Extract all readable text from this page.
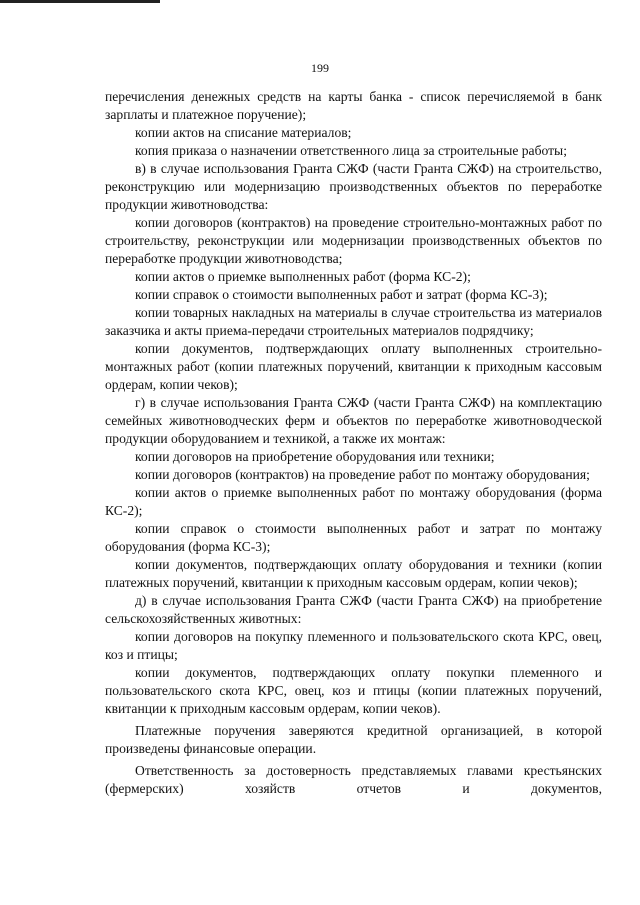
199

перечисления денежных средств на карты банка - список перечисляемой в банк зарплаты и платежное поручение);

копии актов на списание материалов;

копия приказа о назначении ответственного лица за строительные работы;

в) в случае использования Гранта СЖФ (части Гранта СЖФ) на строительство, реконструкцию или модернизацию производственных объектов по переработке продукции животноводства:

копии договоров (контрактов) на проведение строительно-монтажных работ по строительству, реконструкции или модернизации производственных объектов по переработке продукции животноводства;

копии актов о приемке выполненных работ (форма КС-2);

копии справок о стоимости выполненных работ и затрат (форма КС-3);

копии товарных накладных на материалы в случае строительства из материалов заказчика и акты приема-передачи строительных материалов подрядчику;

копии документов, подтверждающих оплату выполненных строительно-монтажных работ (копии платежных поручений, квитанции к приходным кассовым ордерам, копии чеков);

г) в случае использования Гранта СЖФ (части Гранта СЖФ) на комплектацию семейных животноводческих ферм и объектов по переработке животноводческой продукции оборудованием и техникой, а также их монтаж:

копии договоров на приобретение оборудования или техники;

копии договоров (контрактов) на проведение работ по монтажу оборудования;

копии актов о приемке выполненных работ по монтажу оборудования (форма КС-2);

копии справок о стоимости выполненных работ и затрат по монтажу оборудования (форма КС-3);

копии документов, подтверждающих оплату оборудования и техники (копии платежных поручений, квитанции к приходным кассовым ордерам, копии чеков);

д) в случае использования Гранта СЖФ (части Гранта СЖФ) на приобретение сельскохозяйственных животных:

копии договоров на покупку племенного и пользовательского скота КРС, овец, коз и птицы;

копии документов, подтверждающих оплату покупки племенного и пользовательского скота КРС, овец, коз и птицы (копии платежных поручений, квитанции к приходным кассовым ордерам, копии чеков).

Платежные поручения заверяются кредитной организацией, в которой произведены финансовые операции.

Ответственность за достоверность представляемых главами крестьянских (фермерских) хозяйств отчетов и документов,
